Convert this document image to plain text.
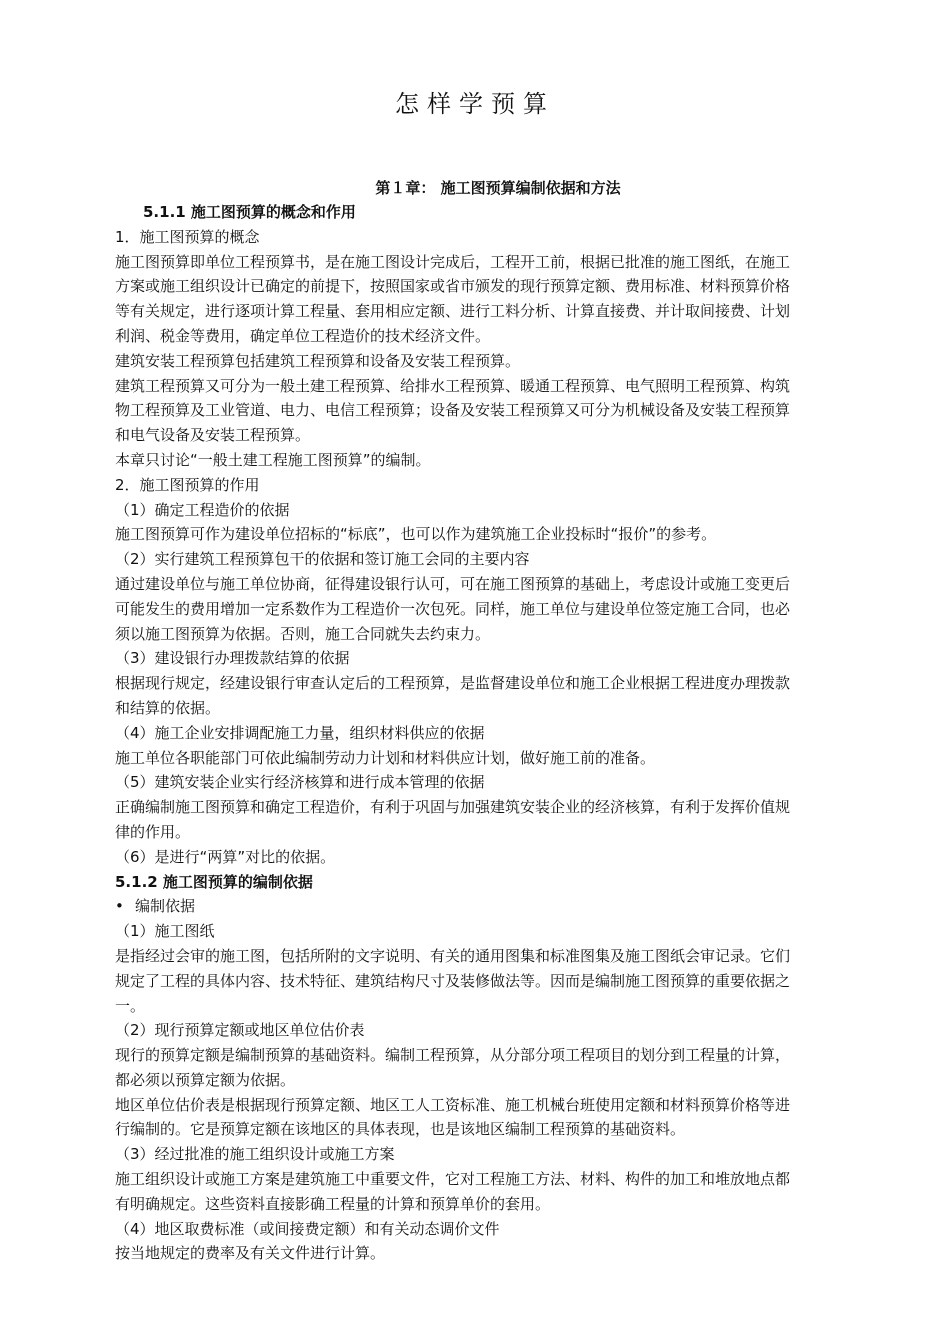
怎样学预算
第１章： 施工图预算编制依据和方法

5.1.1 施工图预算的概念和作用

1．施工图预算的概念

施工图预算即单位工程预算书，是在施工图设计完成后，工程开工前，根据已批准的施工图纸，在施工

方案或施工组织设计已确定的前提下，按照国家或省市颁发的现行预算定额、费用标准、材料预算价格

等有关规定，进行逐项计算工程量、套用相应定额、进行工料分析、计算直接费、并计取间接费、计划

利润、税金等费用，确定单位工程造价的技术经济文件。

建筑安装工程预算包括建筑工程预算和设备及安装工程预算。

建筑工程预算又可分为一般土建工程预算、给排水工程预算、暖通工程预算、电气照明工程预算、构筑

物工程预算及工业管道、电力、电信工程预算；设备及安装工程预算又可分为机械设备及安装工程预算

和电气设备及安装工程预算。

本章只讨论“一般土建工程施工图预算”的编制。

2．施工图预算的作用

（1）确定工程造价的依据

施工图预算可作为建设单位招标的“标底”，也可以作为建筑施工企业投标时“报价”的参考。

（2）实行建筑工程预算包干的依据和签订施工会同的主要内容

通过建设单位与施工单位协商，征得建设银行认可，可在施工图预算的基础上，考虑设计或施工变更后

可能发生的费用增加一定系数作为工程造价一次包死。同样，施工单位与建设单位签定施工合同，也必

须以施工图预算为依据。否则，施工合同就失去约束力。

（3）建设银行办理拨款结算的依据

根据现行规定，经建设银行审查认定后的工程预算，是监督建设单位和施工企业根据工程进度办理拨款

和结算的依据。

（4）施工企业安排调配施工力量，组织材料供应的依据

施工单位各职能部门可依此编制劳动力计划和材料供应计划，做好施工前的准备。

（5）建筑安装企业实行经济核算和进行成本管理的依据

正确编制施工图预算和确定工程造价，有利于巩固与加强建筑安装企业的经济核算，有利于发挥价值规

律的作用。

（6）是进行“两算”对比的依据。

5.1.2 施工图预算的编制依据

• 编制依据

（1）施工图纸

是指经过会审的施工图，包括所附的文字说明、有关的通用图集和标准图集及施工图纸会审记录。它们

规定了工程的具体内容、技术特征、建筑结构尺寸及装修做法等。因而是编制施工图预算的重要依据之

一。

（2）现行预算定额或地区单位估价表

现行的预算定额是编制预算的基础资料。编制工程预算，从分部分项工程项目的划分到工程量的计算，

都必须以预算定额为依据。

地区单位估价表是根据现行预算定额、地区工人工资标准、施工机械台班使用定额和材料预算价格等进

行编制的。它是预算定额在该地区的具体表现，也是该地区编制工程预算的基础资料。

（3）经过批准的施工组织设计或施工方案

施工组织设计或施工方案是建筑施工中重要文件，它对工程施工方法、材料、构件的加工和堆放地点都

有明确规定。这些资料直接影确工程量的计算和预算单价的套用。

（4）地区取费标准（或间接费定额）和有关动态调价文件

按当地规定的费率及有关文件进行计算。
